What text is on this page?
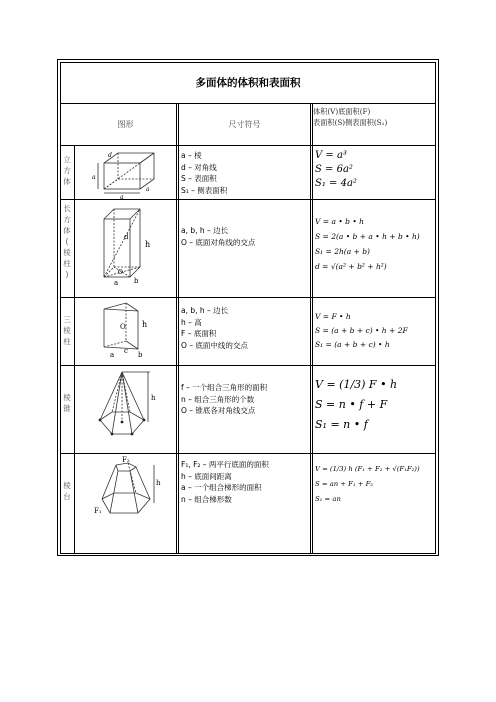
多面体的体积和表面积
图形	尺寸符号
体积(V)底面积(F)
表面积(S)侧表面积(S₁)
立
方
体
d
a
a
a
a – 棱
d – 对角线
S – 表面积
S₁ – 侧表面积
V = a³
S = 6a²
S₁ = 4a²
长
方
体
(
棱
柱
)
h
d
O
a b
a, b, h – 边长
O – 底面对角线的交点
V = a • b • h
S = 2(a • b + a • h + b • h)
S₁ = 2h(a + b)
d = √(a² + b² + h²)
三
棱
柱
h
O
a c b
a, b, h – 边长
h – 高
F – 底面积
O – 底面中线的交点
V = F • h
S = (a + b + c) • h + 2F
S₁ = (a + b + c) • h
棱
锥
h
f – 一个组合三角形的面积
n – 组合三角形的个数
O – 锥底各对角线交点
V = (1/3) F • h
S = n • f + F
S₁ = n • f
棱
台
F₂
F₁
h
F₁, F₂ – 两平行底面的面积
h – 底面间距离
a – 一个组合梯形的面积
n – 组合梯形数
V = (1/3) h (F₁ + F₂ + √(F₁F₂))
S = an + F₁ + F₂
S₁ = an
